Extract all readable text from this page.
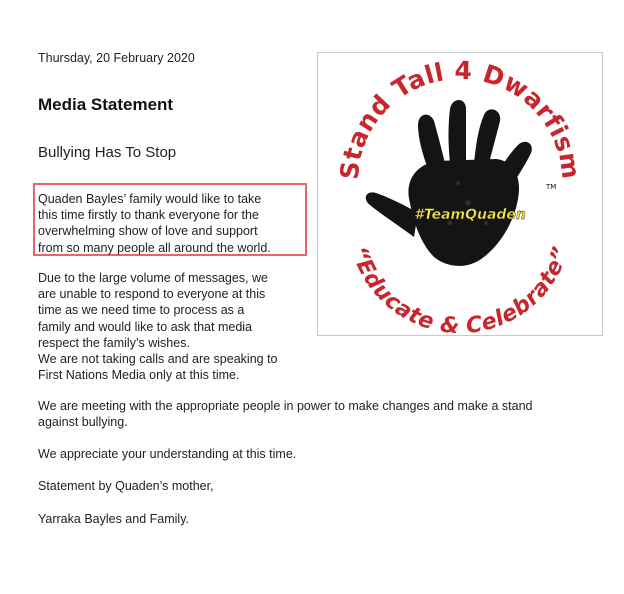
Thursday, 20 February 2020
Media Statement
Bullying Has To Stop

Quaden Bayles’ family would like to take
this time firstly to thank everyone for the
overwhelming show of love and support
from so many people all around the world.

Due to the large volume of messages, we
are unable to respond to everyone at this
time as we need time to process as a
family and would like to ask that media
respect the family’s wishes.
We are not taking calls and are speaking to
First Nations Media only at this time.

We are meeting with the appropriate people in power to make changes and make a stand
against bullying.

We appreciate your understanding at this time.

Statement by Quaden’s mother,

Yarraka Bayles and Family.

Stand Tall 4 Dwarfism
TM
#TeamQuaden
“Educate & Celebrate”
